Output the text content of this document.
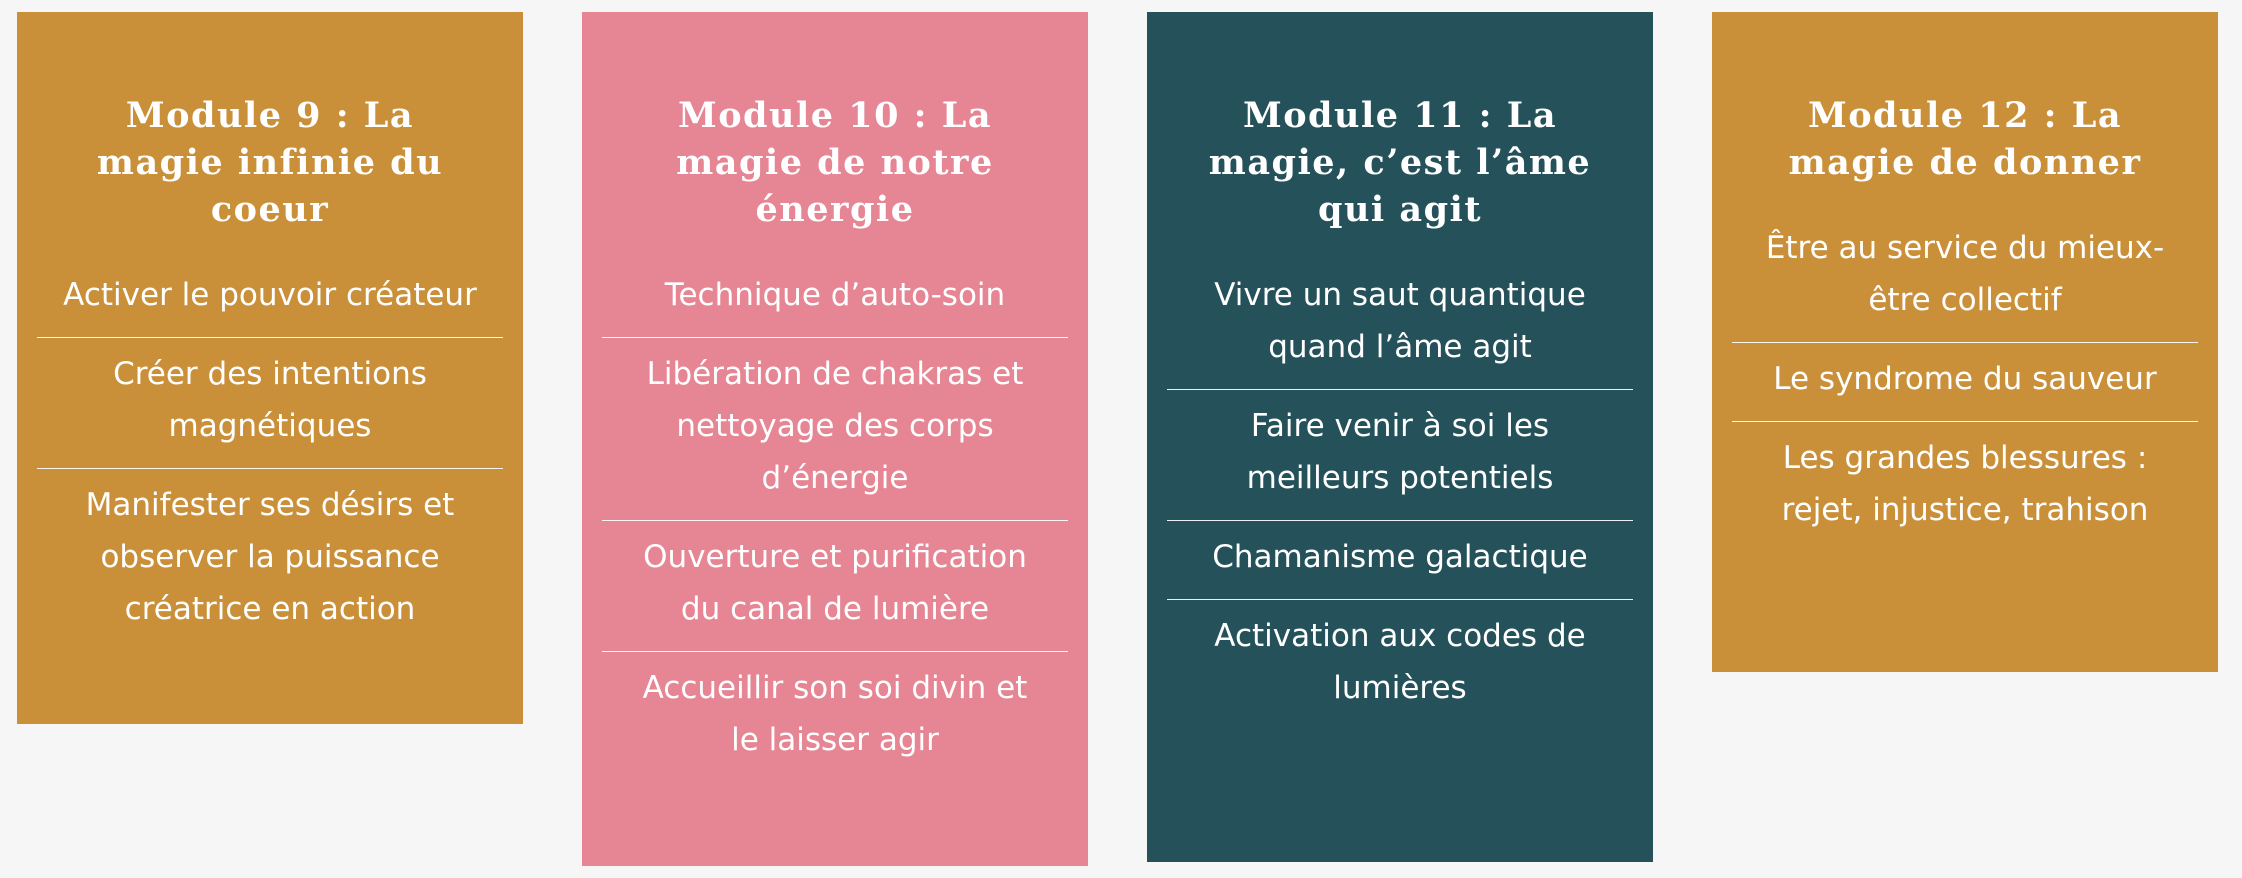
Module 9 : La magie infinie du coeur
Activer le pouvoir créateur
Créer des intentions magnétiques
Manifester ses désirs et observer la puissance créatrice en action
Module 10 : La magie de notre énergie
Technique d’auto-soin
Libération de chakras et nettoyage des corps d’énergie
Ouverture et purification du canal de lumière
Accueillir son soi divin et le laisser agir
Module 11 : La magie, c’est l’âme qui agit
Vivre un saut quantique quand l’âme agit
Faire venir à soi les meilleurs potentiels
Chamanisme galactique
Activation aux codes de lumières
Module 12 : La magie de donner
Être au service du mieux-être collectif
Le syndrome du sauveur
Les grandes blessures : rejet, injustice, trahison
